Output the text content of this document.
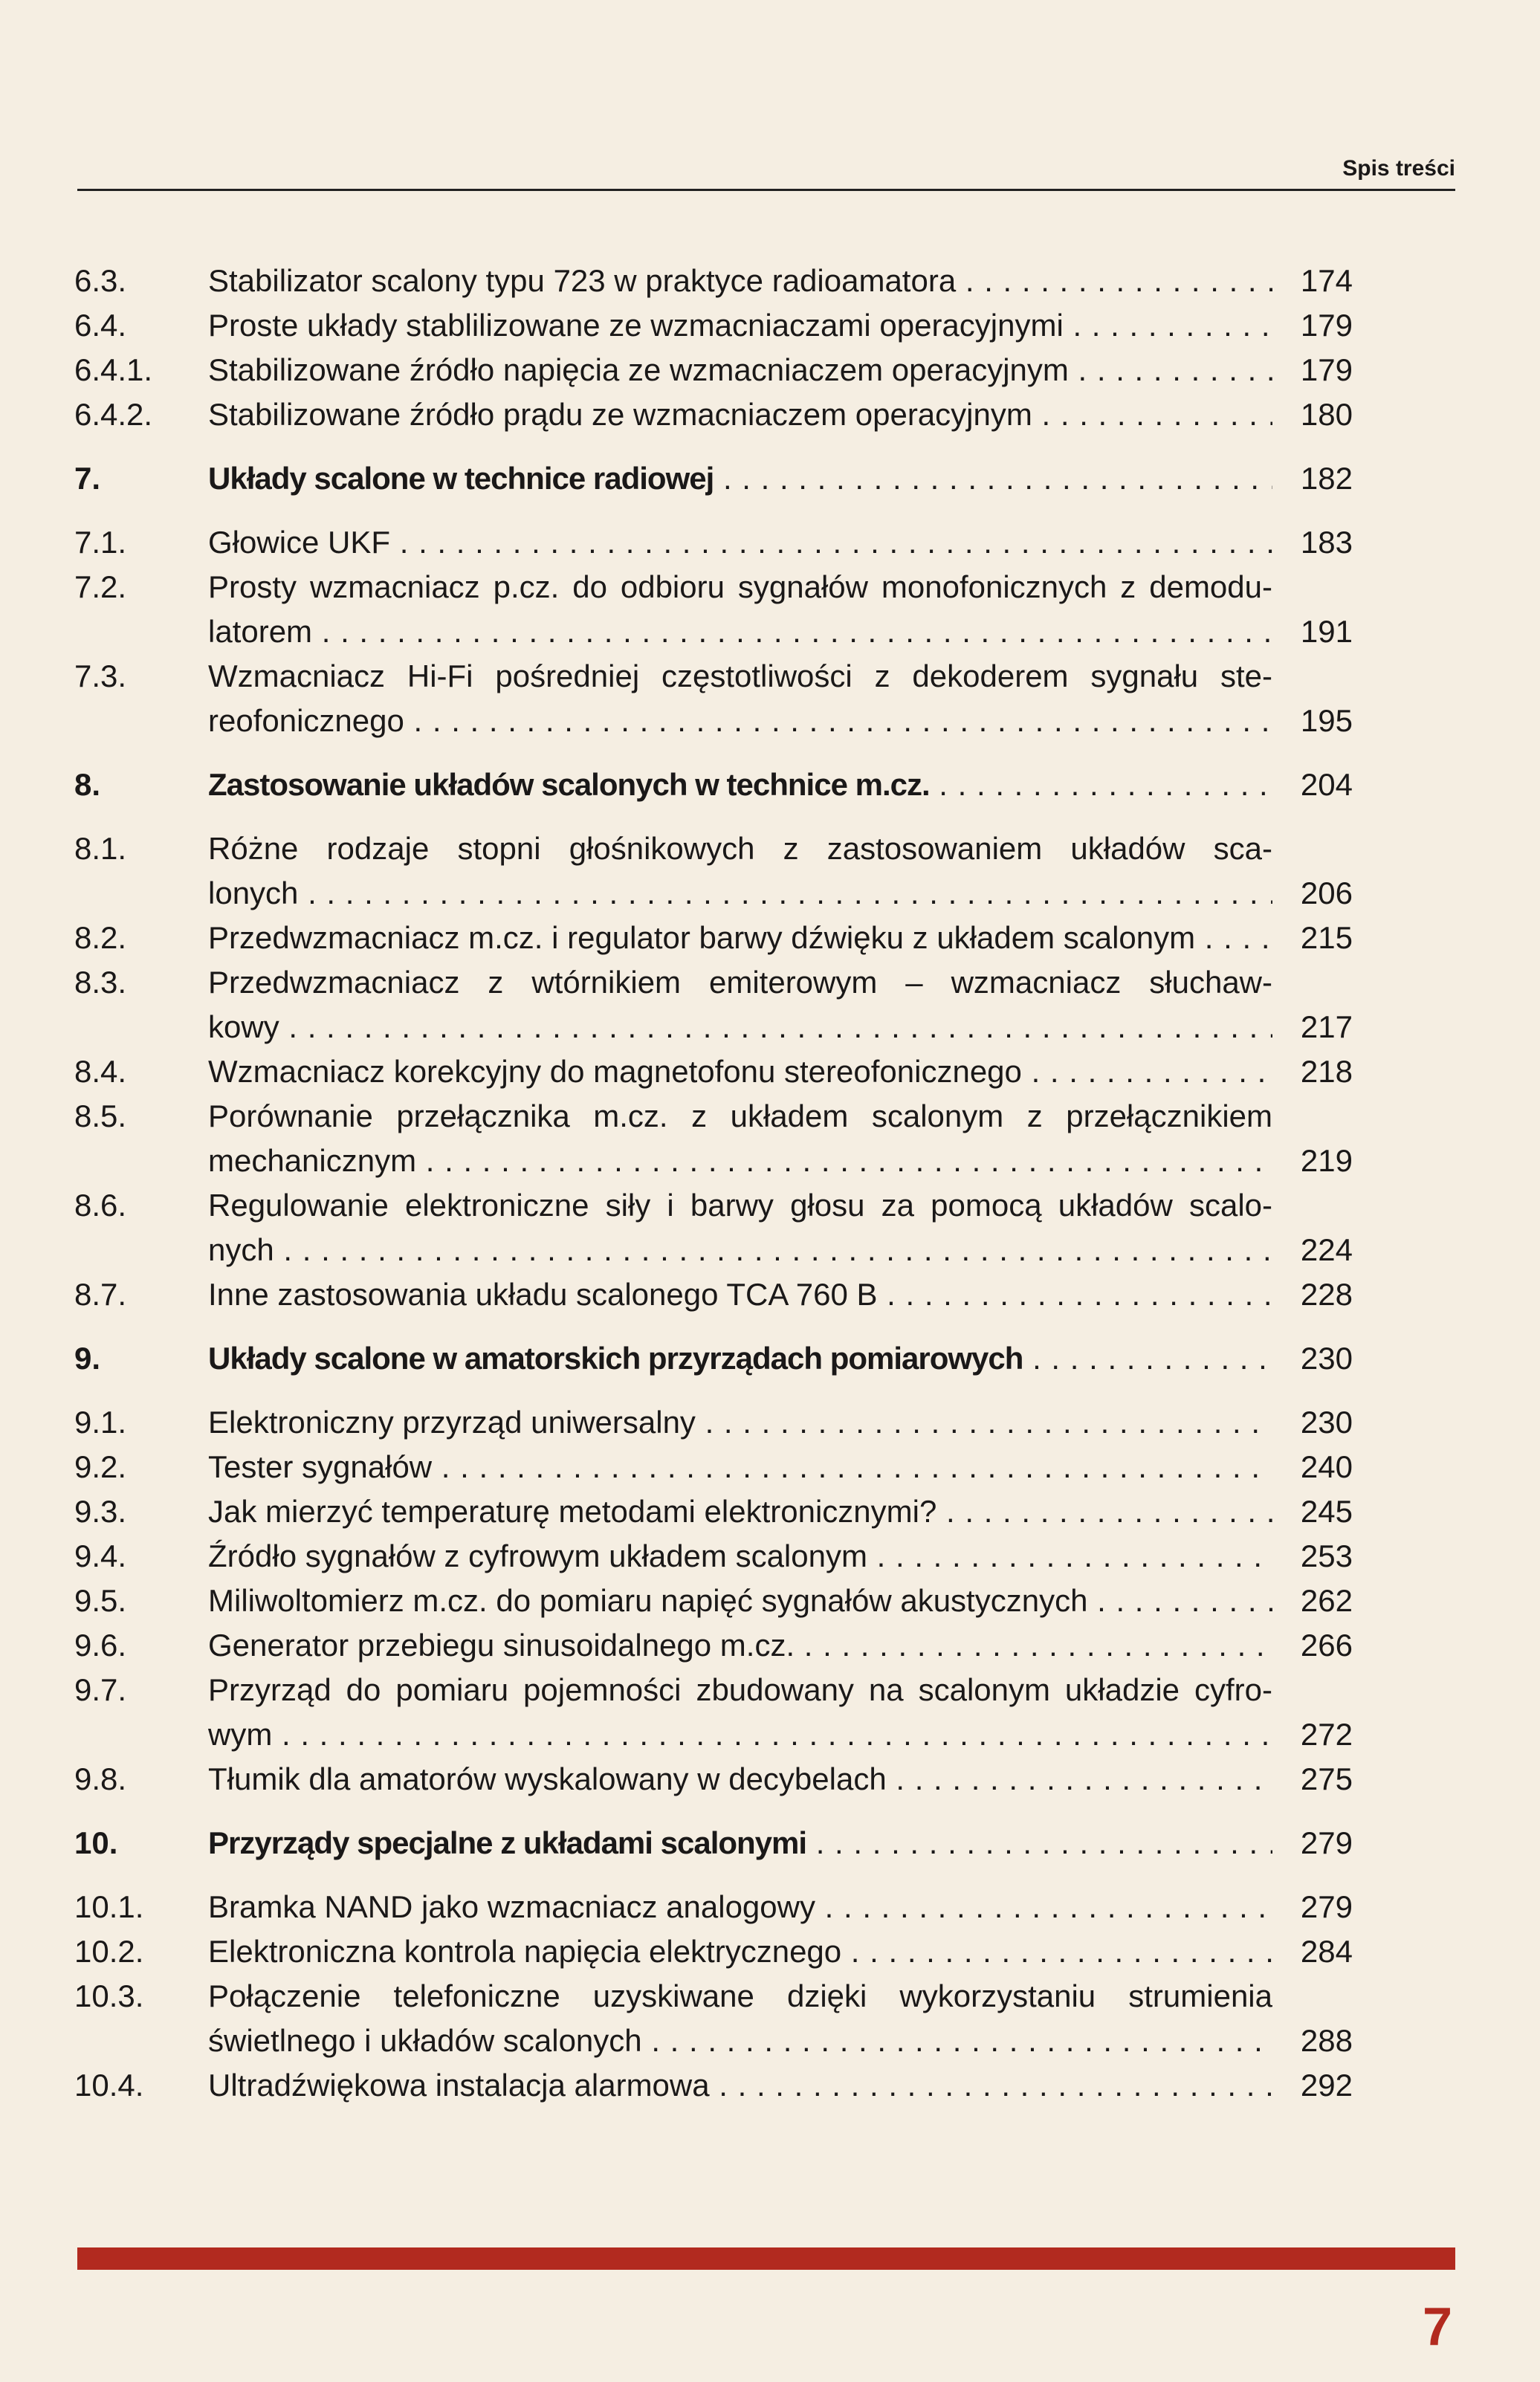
Spis treści
6.3.	Stabilizator scalony typu 723 w praktyce radioamatora . . .	174
6.4.	Proste układy stablilizowane ze wzmacniaczami operacyjnymi . . .	179
6.4.1. Stabilizowane źródło napięcia ze wzmacniaczem operacyjnym . . .	179
6.4.2. Stabilizowane źródło prądu ze wzmacniaczem operacyjnym . . .	180
7.	Układy scalone w technice radiowej . . .	182
7.1.	Głowice UKF . . .	183
7.2.	Prosty wzmacniacz p.cz. do odbioru sygnałów monofonicznych z demodu-
latorem . . .	191
7.3.	Wzmacniacz Hi-Fi pośredniej częstotliwości z dekoderem sygnału ste-
reofonicznego . . .	195
8.	Zastosowanie układów scalonych w technice m.cz. . . .	204
8.1.	Różne rodzaje stopni głośnikowych z zastosowaniem układów sca-
lonych . . .	206
8.2.	Przedwzmacniacz m.cz. i regulator barwy dźwięku z układem scalonym . . .	215
8.3.	Przedwzmacniacz z wtórnikiem emiterowym – wzmacniacz słuchaw-
kowy . . .	217
8.4.	Wzmacniacz korekcyjny do magnetofonu stereofonicznego . . .	218
8.5.	Porównanie przełącznika m.cz. z układem scalonym z przełącznikiem
mechanicznym . . .	219
8.6.	Regulowanie elektroniczne siły i barwy głosu za pomocą układów scalo-
nych . . .	224
8.7.	Inne zastosowania układu scalonego TCA 760 B . . .	228
9.	Układy scalone w amatorskich przyrządach pomiarowych . . .	230
9.1.	Elektroniczny przyrząd uniwersalny . . .	230
9.2.	Tester sygnałów . . .	240
9.3.	Jak mierzyć temperaturę metodami elektronicznymi? . . .	245
9.4.	Źródło sygnałów z cyfrowym układem scalonym . . .	253
9.5.	Miliwoltomierz m.cz. do pomiaru napięć sygnałów akustycznych . . .	262
9.6.	Generator przebiegu sinusoidalnego m.cz. . . .	266
9.7.	Przyrząd do pomiaru pojemności zbudowany na scalonym układzie cyfro-
wym . . .	272
9.8.	Tłumik dla amatorów wyskalowany w decybelach . . .	275
10.	Przyrządy specjalne z układami scalonymi . . .	279
10.1. Bramka NAND jako wzmacniacz analogowy . . .	279
10.2. Elektroniczna kontrola napięcia elektrycznego . . .	284
10.3. Połączenie telefoniczne uzyskiwane dzięki wykorzystaniu strumienia
świetlnego i układów scalonych . . .	288
10.4. Ultradźwiękowa instalacja alarmowa . . .	292
7
